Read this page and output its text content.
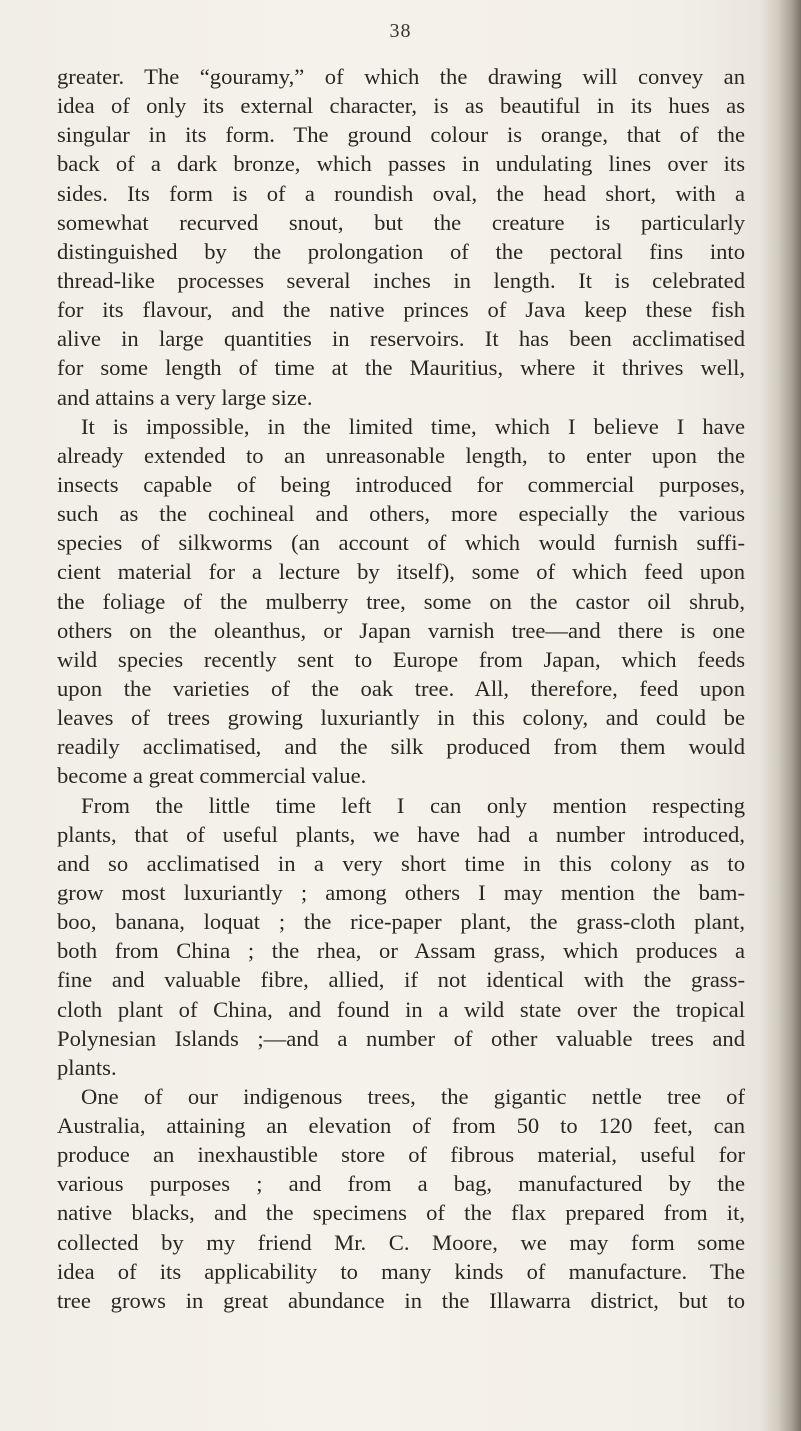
38
greater. The “gouramy,” of which the drawing will convey an
idea of only its external character, is as beautiful in its hues as
singular in its form. The ground colour is orange, that of the
back of a dark bronze, which passes in undulating lines over its
sides. Its form is of a roundish oval, the head short, with a
somewhat recurved snout, but the creature is particularly
distinguished by the prolongation of the pectoral fins into
thread-like processes several inches in length. It is celebrated
for its flavour, and the native princes of Java keep these fish
alive in large quantities in reservoirs. It has been acclimatised
for some length of time at the Mauritius, where it thrives well,
and attains a very large size.
It is impossible, in the limited time, which I believe I have
already extended to an unreasonable length, to enter upon the
insects capable of being introduced for commercial purposes,
such as the cochineal and others, more especially the various
species of silkworms (an account of which would furnish suffi-
cient material for a lecture by itself), some of which feed upon
the foliage of the mulberry tree, some on the castor oil shrub,
others on the oleanthus, or Japan varnish tree—and there is one
wild species recently sent to Europe from Japan, which feeds
upon the varieties of the oak tree. All, therefore, feed upon
leaves of trees growing luxuriantly in this colony, and could be
readily acclimatised, and the silk produced from them would
become a great commercial value.
From the little time left I can only mention respecting
plants, that of useful plants, we have had a number introduced,
and so acclimatised in a very short time in this colony as to
grow most luxuriantly ; among others I may mention the bam-
boo, banana, loquat ; the rice-paper plant, the grass-cloth plant,
both from China ; the rhea, or Assam grass, which produces a
fine and valuable fibre, allied, if not identical with the grass-
cloth plant of China, and found in a wild state over the tropical
Polynesian Islands ;—and a number of other valuable trees and
plants.
One of our indigenous trees, the gigantic nettle tree of
Australia, attaining an elevation of from 50 to 120 feet, can
produce an inexhaustible store of fibrous material, useful for
various purposes ; and from a bag, manufactured by the
native blacks, and the specimens of the flax prepared from it,
collected by my friend Mr. C. Moore, we may form some
idea of its applicability to many kinds of manufacture. The
tree grows in great abundance in the Illawarra district, but to
